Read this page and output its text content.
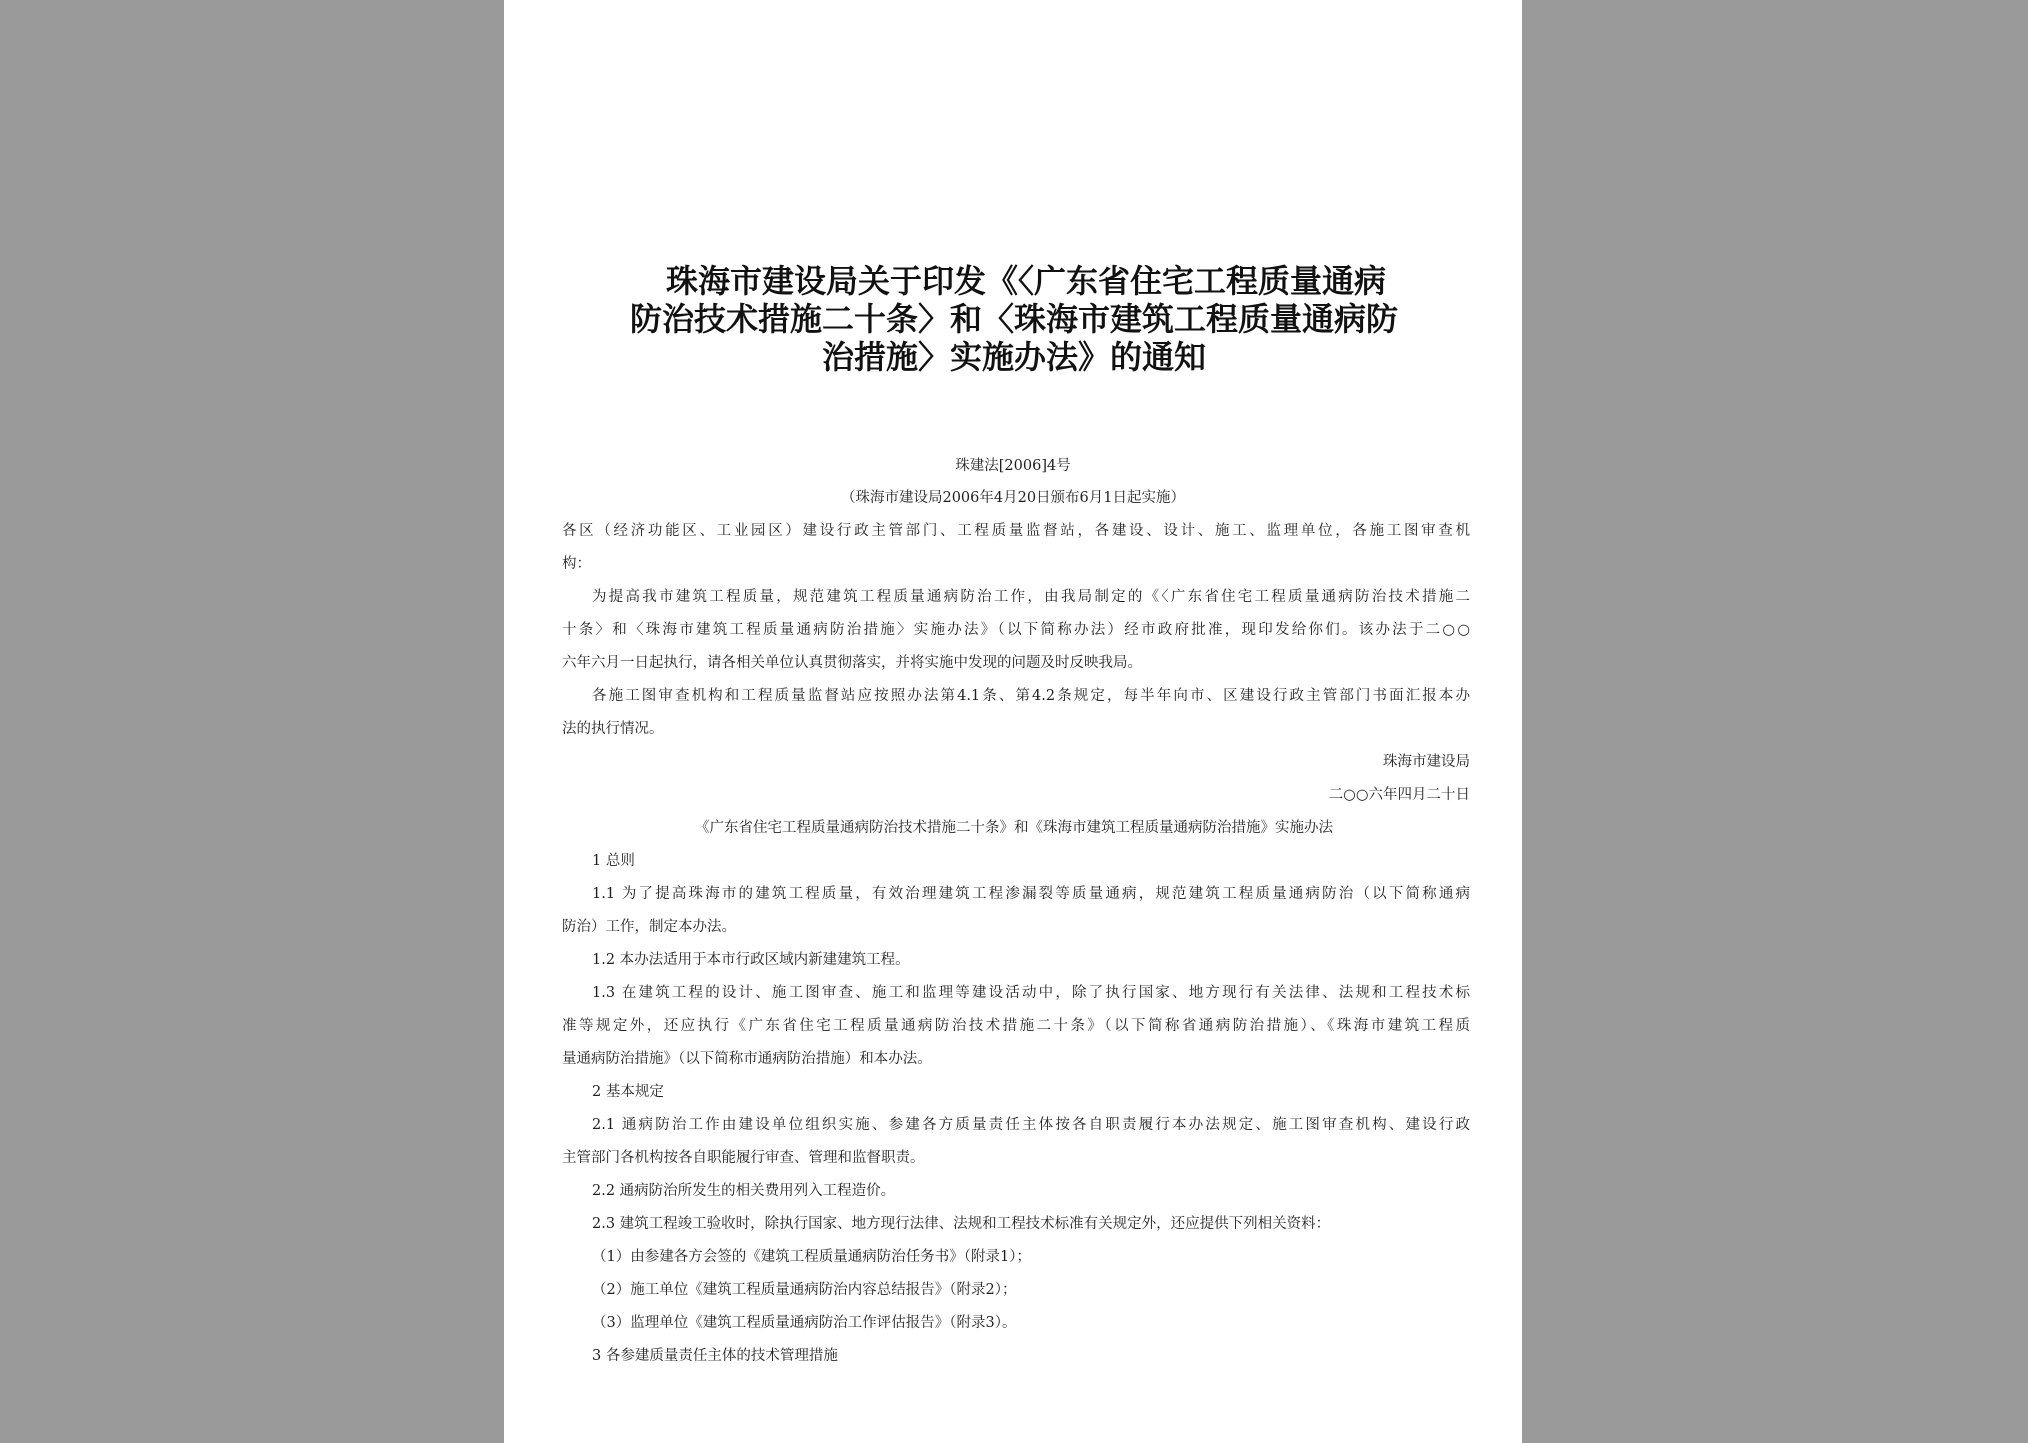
珠海市建设局关于印发《〈广东省住宅工程质量通病
防治技术措施二十条〉和〈珠海市建筑工程质量通病防
治措施〉实施办法》的通知

珠建法[2006]4号

（珠海市建设局2006年4月20日颁布6月1日起实施）

各区（经济功能区、工业园区）建设行政主管部门、工程质量监督站，各建设、设计、施工、监理单位，各施工图审查机

构：

为提高我市建筑工程质量，规范建筑工程质量通病防治工作，由我局制定的《〈广东省住宅工程质量通病防治技术措施二

十条〉和〈珠海市建筑工程质量通病防治措施〉实施办法》（以下简称办法）经市政府批准，现印发给你们。该办法于二○○

六年六月一日起执行，请各相关单位认真贯彻落实，并将实施中发现的问题及时反映我局。

各施工图审查机构和工程质量监督站应按照办法第4.1条、第4.2条规定，每半年向市、区建设行政主管部门书面汇报本办

法的执行情况。

珠海市建设局

二○○六年四月二十日

《广东省住宅工程质量通病防治技术措施二十条》和《珠海市建筑工程质量通病防治措施》实施办法

1 总则

1.1 为了提高珠海市的建筑工程质量，有效治理建筑工程渗漏裂等质量通病，规范建筑工程质量通病防治（以下简称通病

防治）工作，制定本办法。

1.2 本办法适用于本市行政区域内新建建筑工程。

1.3 在建筑工程的设计、施工图审查、施工和监理等建设活动中，除了执行国家、地方现行有关法律、法规和工程技术标

准等规定外，还应执行《广东省住宅工程质量通病防治技术措施二十条》（以下简称省通病防治措施）、《珠海市建筑工程质

量通病防治措施》（以下简称市通病防治措施）和本办法。

2 基本规定

2.1 通病防治工作由建设单位组织实施、参建各方质量责任主体按各自职责履行本办法规定、施工图审查机构、建设行政

主管部门各机构按各自职能履行审查、管理和监督职责。

2.2 通病防治所发生的相关费用列入工程造价。

2.3 建筑工程竣工验收时，除执行国家、地方现行法律、法规和工程技术标准有关规定外，还应提供下列相关资料：

（1）由参建各方会签的《建筑工程质量通病防治任务书》（附录1）；

（2）施工单位《建筑工程质量通病防治内容总结报告》（附录2）；

（3）监理单位《建筑工程质量通病防治工作评估报告》（附录3）。

3 各参建质量责任主体的技术管理措施
